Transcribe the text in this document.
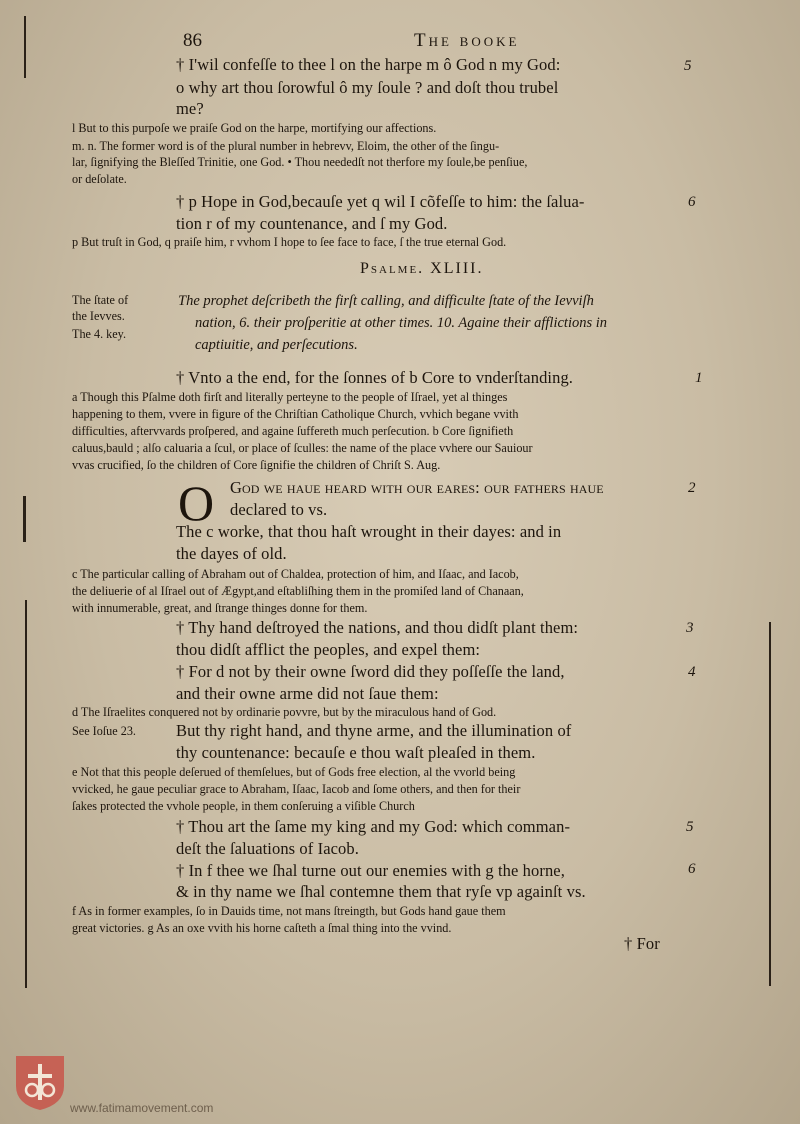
86	The booke
† I'wil confeſſe to thee l on the harpe m ô God n my God:	5
o why art thou ſorowful ô my ſoule ? and doſt thou trubel
me?
l But to this purpoſe we praiſe God on the harpe, mortifying our affections.
m. n. The former word is of the plural number in hebrevv, Eloim, the other of the ſingu-
lar, ſignifying the Bleſſed Trinitie, one God. • Thou neededſt not therfore my ſoule,be penſiue,
or deſolate.
† p Hope in God,becauſe yet q wil I cõfeſſe to him: the ſalua-	6
tion r of my countenance, and ſ my God.
p But truſt in God, q praiſe him, r vvhom I hope to ſee face to face, ſ the true eternal God.
Psalme. XLIII.
The ſtate of
the Ievves.
The 4. key.
The prophet deſcribeth the firſt calling, and difficulte ſtate of the Ievviſh
nation, 6. their proſperitie at other times. 10. Againe their afflictions in
captiuitie, and perſecutions.
† Vnto a the end, for the ſonnes of b Core to vnderſtanding.	1
a Though this Pſalme doth firſt and literally perteyne to the people of Iſrael, yet al thinges
happening to them, vvere in figure of the Chriſtian Catholique Church, vvhich begane vvith
difficulties, aftervvards proſpered, and againe ſuffereth much perſecution. b Core ſignifieth
caluus,bauld ; alſo caluaria a ſcul, or place of ſculles: the name of the place vvhere our Sauiour
vvas crucified, ſo the children of Core ſignifie the children of Chriſt S. Aug.
O God we haue heard with our eares: our fathers haue	2
declared to vs.
The c worke, that thou haſt wrought in their dayes: and in
the dayes of old.
c The particular calling of Abraham out of Chaldea, protection of him, and Iſaac, and Iacob,
the deliuerie of al Iſrael out of Ægypt,and eſtabliſhing them in the promiſed land of Chanaan,
with innumerable, great, and ſtrange thinges donne for them.
† Thy hand deſtroyed the nations, and thou didſt plant them:	3
thou didſt afflict the peoples, and expel them:
† For d not by their owne ſword did they poſſeſſe the land,	4
and their owne arme did not ſaue them:
d The Iſraelites conquered not by ordinarie povvre, but by the miraculous hand of God.
See Ioſue 23. But thy right hand, and thyne arme, and the illumination of
thy countenance: becauſe e thou waſt pleaſed in them.
e Not that this people deſerued of themſelues, but of Gods free election, al the vvorld being
vvicked, he gaue peculiar grace to Abraham, Iſaac, Iacob and ſome others, and then for their
ſakes protected the vvhole people, in them conſeruing a viſible Church
† Thou art the ſame my king and my God: which comman-	5
deſt the ſaluations of Iacob.
† In f thee we ſhal turne out our enemies with g the horne,	6
& in thy name we ſhal contemne them that ryſe vp againſt vs.
f As in former examples, ſo in Dauids time, not mans ſtreingth, but Gods hand gaue them
great victories. g As an oxe vvith his horne caſteth a ſmal thing into the vvind.
† For
www.fatimamovement.com
